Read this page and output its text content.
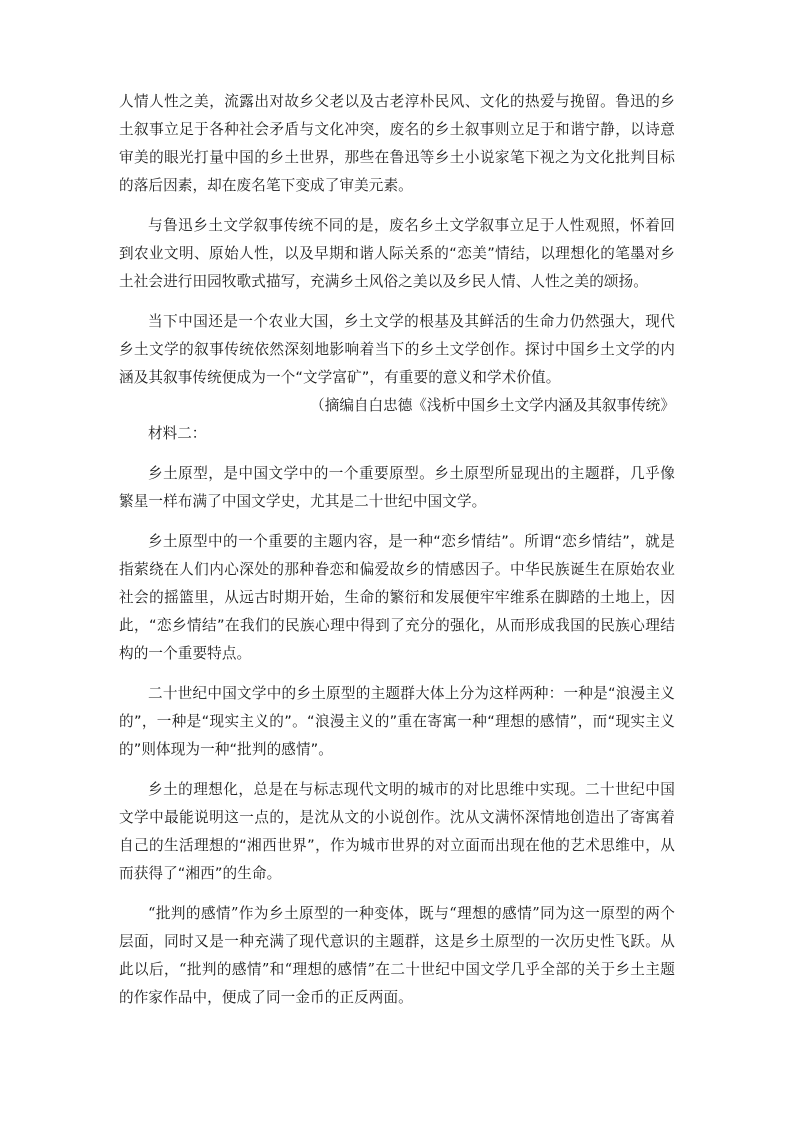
人情人性之美，流露出对故乡父老以及古老淳朴民风、文化的热爱与挽留。鲁迅的乡土叙事立足于各种社会矛盾与文化冲突，废名的乡土叙事则立足于和谐宁静，以诗意审美的眼光打量中国的乡土世界，那些在鲁迅等乡土小说家笔下视之为文化批判目标的落后因素，却在废名笔下变成了审美元素。

与鲁迅乡土文学叙事传统不同的是，废名乡土文学叙事立足于人性观照，怀着回到农业文明、原始人性，以及早期和谐人际关系的“恋美”情结，以理想化的笔墨对乡土社会进行田园牧歌式描写，充满乡土风俗之美以及乡民人情、人性之美的颂扬。

当下中国还是一个农业大国，乡土文学的根基及其鲜活的生命力仍然强大，现代乡土文学的叙事传统依然深刻地影响着当下的乡土文学创作。探讨中国乡土文学的内涵及其叙事传统便成为一个“文学富矿”，有重要的意义和学术价值。

（摘编自白忠德《浅析中国乡土文学内涵及其叙事传统》

材料二：

乡土原型，是中国文学中的一个重要原型。乡土原型所显现出的主题群，几乎像繁星一样布满了中国文学史，尤其是二十世纪中国文学。

乡土原型中的一个重要的主题内容，是一种“恋乡情结”。所谓“恋乡情结”，就是指萦绕在人们内心深处的那种眷恋和偏爱故乡的情感因子。中华民族诞生在原始农业社会的摇篮里，从远古时期开始，生命的繁衍和发展便牢牢维系在脚踏的土地上，因此，“恋乡情结”在我们的民族心理中得到了充分的强化，从而形成我国的民族心理结构的一个重要特点。

二十世纪中国文学中的乡土原型的主题群大体上分为这样两种：一种是“浪漫主义的”，一种是“现实主义的”。“浪漫主义的”重在寄寓一种“理想的感情”，而“现实主义的”则体现为一种“批判的感情”。

乡土的理想化，总是在与标志现代文明的城市的对比思维中实现。二十世纪中国文学中最能说明这一点的，是沈从文的小说创作。沈从文满怀深情地创造出了寄寓着自己的生活理想的“湘西世界”，作为城市世界的对立面而出现在他的艺术思维中，从而获得了“湘西”的生命。

“批判的感情”作为乡土原型的一种变体，既与“理想的感情”同为这一原型的两个层面，同时又是一种充满了现代意识的主题群，这是乡土原型的一次历史性飞跃。从此以后，“批判的感情”和“理想的感情”在二十世纪中国文学几乎全部的关于乡土主题的作家作品中，便成了同一金币的正反两面。
